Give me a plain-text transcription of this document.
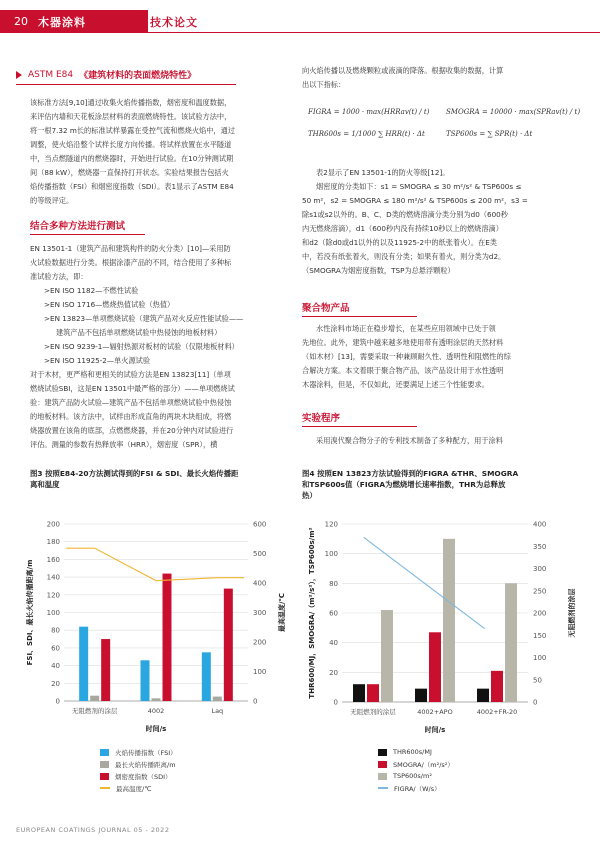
20 木器涂料	技术论文
ASTM E84 《建筑材料的表面燃烧特性》

该标准方法[9,10]通过收集火焰传播指数，烟密度和温度数据，

来评估内墙和天花板涂层材料的表面燃烧特性。该试验方法中，

将一根7.32 m长的标准试样暴露在受控气流和燃烧火焰中，通过

调整，使火焰沿整个试样长度方向传播。将试样放置在水平隧道

中，当点燃隧道内的燃烧器时，开始进行试验。在10分钟测试期

间（88 kW），燃烧器一直保持打开状态。实验结果报告包括火

焰传播指数（FSI）和烟密度指数（SDI）。表1显示了ASTM E84

的等级评定。

结合多种方法进行测试

EN 13501-1（建筑产品和建筑构件的防火分类）[10]—采用防

火试验数据进行分类。根据涂漆产品的不同，结合使用了多种标

准试验方法，即：

>EN ISO 1182—不燃性试验

>EN ISO 1716—燃烧热值试验（热值）

>EN 13823—单项燃烧试验（建筑产品对火反应性能试验——

建筑产品不包括单项燃烧试验中热侵蚀的地板材料）

>EN ISO 9239-1—辐射热源对板材的试验（仅限地板材料）

>EN ISO 11925-2—单火源试验

对于木材，更严格和更相关的试验方法是EN 13823[11]（单项

燃烧试验SBI，这是EN 13501中最严格的部分）——单项燃烧试

验：建筑产品防火试验—建筑产品不包括单项燃烧试验中热侵蚀

的地板材料。该方法中，试样由形成直角的两块木块组成，将燃

烧器放置在该角的底部，点燃燃烧器，并在20分钟内对试验进行

评估。测量的参数有热释放率（HRR），烟密度（SPR），横

向火焰传播以及燃烧颗粒或液滴的降落。根据收集的数据，计算

出以下指标：

FIGRA = 1000 · max(HRRav(t) / t)
THR600s = 1/1000 ∑ HRR(t) · Δt
SMOGRA = 10000 · max(SPRav(t) / t)
TSP600s = ∑ SPR(t) · Δt

表2显示了EN 13501-1的防火等级[12]。

烟密度的分类如下：s1 = SMOGRA ≤ 30 m²/s² & TSP600s ≤

50 m²，s2 = SMOGRA ≤ 180 m²/s² & TSP600s ≤ 200 m²，s3 =

除s1或s2以外的。B、C、D类的燃烧溶滴分类分别为d0（600秒

内无燃烧溶滴），d1（600秒内没有持续10秒以上的燃烧溶滴）

和d2（除d0或d1以外的以及11925-2中的纸张着火）。在E类

中，若没有纸张着火，则没有分类；如果有着火，则分类为d2。

（SMOGRA为烟密度指数，TSP为总悬浮颗粒）

聚合物产品

水性涂料市场正在稳步增长，在某些应用领域中已处于领

先地位。此外，建筑中越来越多地使用带有透明涂层的天然材料

（如木材）[13]，需要采取一种兼顾耐久性、透明性和阻燃性的综

合解决方案。本文着眼于聚合物产品，该产品设计用于水性透明

木器涂料，但是，不仅如此，还要满足上述三个性能要求。

实验程序

采用溴代聚合物分子的专利技术制备了多种配方，用于涂料

图3 按照E84-20方法测试得到的FSI & SDI、最长火焰传播距
离和温度
0
20
40
60
80
100
120
140
160
180
200
0
100
200
300
400
500
600
FSI、SDI、最长火焰传播距离/m	最高温度/℃
时间/s
无阻燃剂的涂层	4002	Laq
火焰传播指数（FSI）
最长火焰传播距离/m
烟密度指数（SDI）
最高温度/℃
图4 按照EN 13823方法试验得到的FIGRA &THR、SMOGRA
和TSP600s值（FIGRA为燃烧增长速率指数，THR为总释放
热）
0
20
40
60
80
100
120
0
50
100
150
200
250
300
350
400
THR600/MJ，SMOGRA/（m²/s²），TSP600s/m²	无阻燃剂的涂层
时间/s
无阻燃剂的涂层	4002+APO	4002+FR-20
THR600s/MJ
SMOGRA/（m²/s²）
TSP600s/m²
FIGRA/（W/s）
EUROPEAN COATINGS JOURNAL 05 - 2022
